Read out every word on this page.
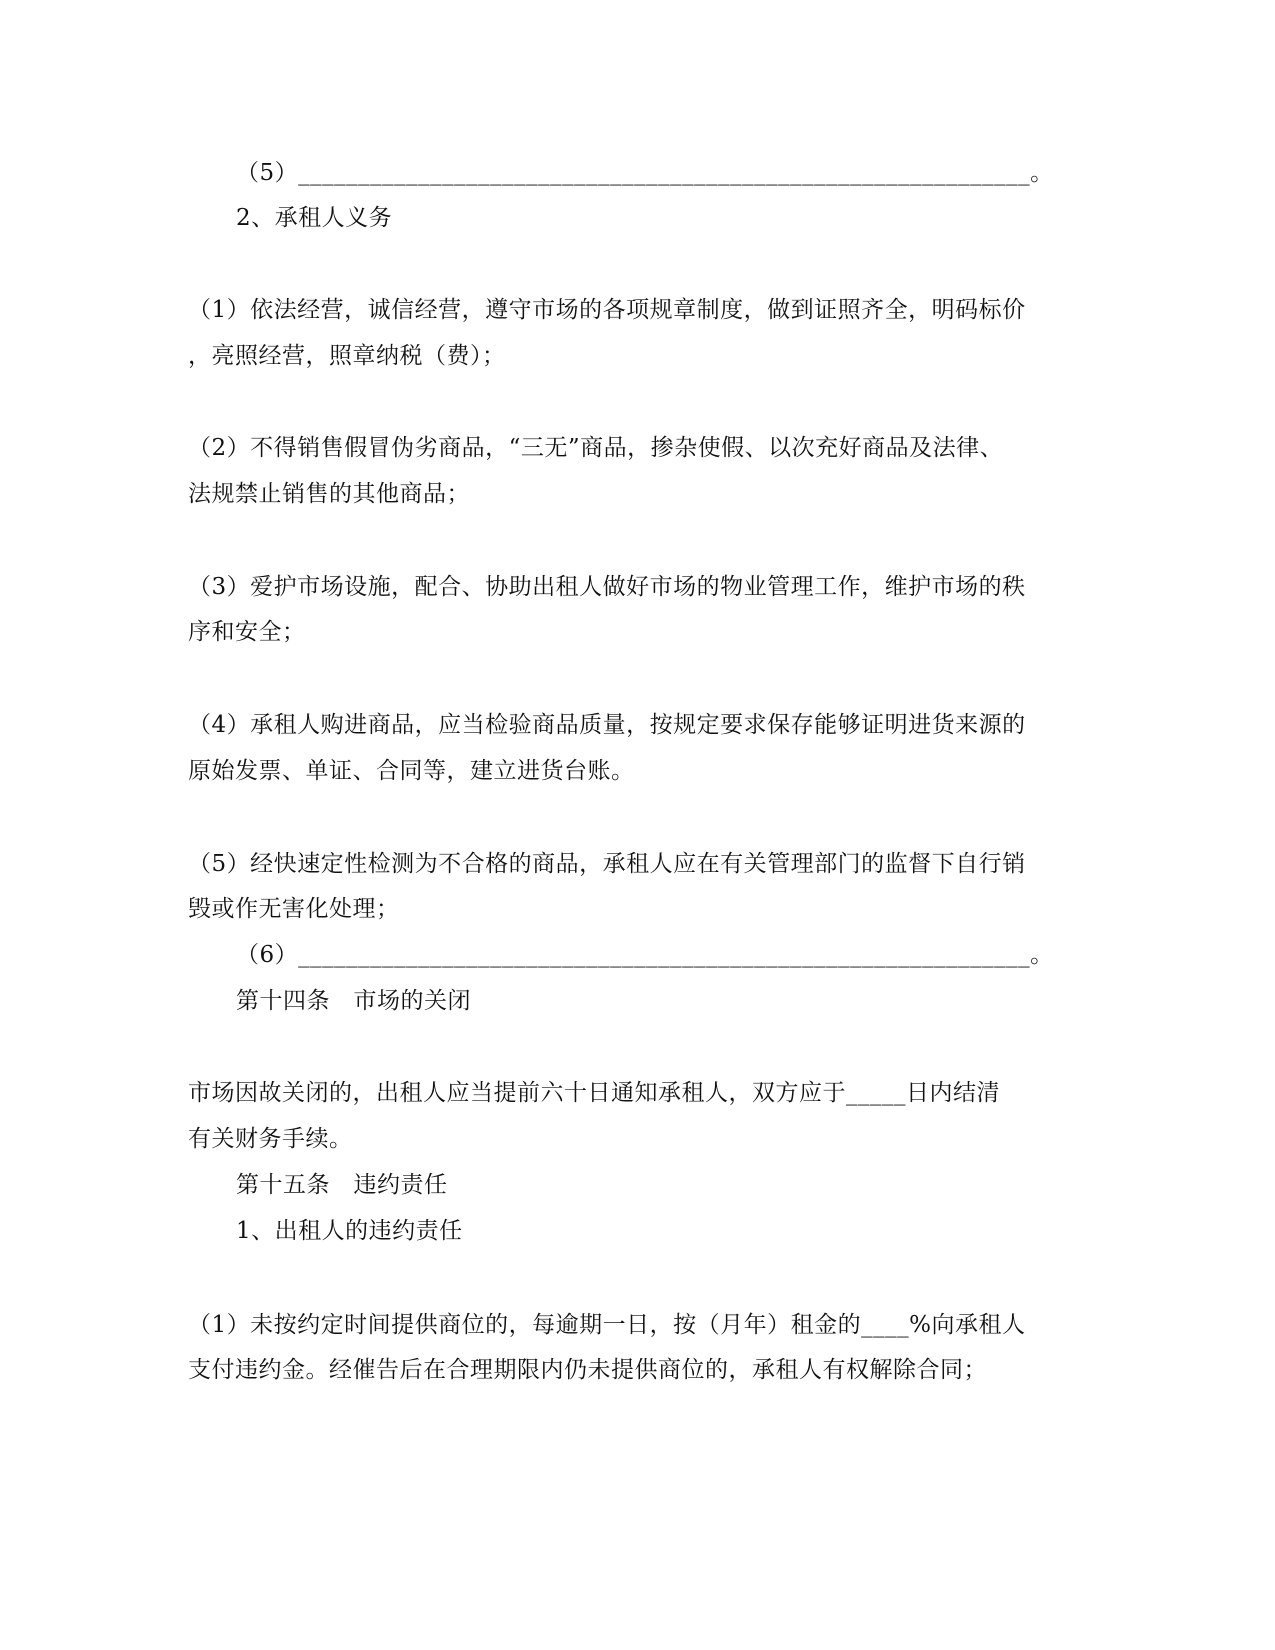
（5）_____________________________________________________________。
2、承租人义务
（1）依法经营，诚信经营，遵守市场的各项规章制度，做到证照齐全，明码标价
，亮照经营，照章纳税（费）；
（2）不得销售假冒伪劣商品，“三无”商品，掺杂使假、以次充好商品及法律、
法规禁止销售的其他商品；
（3）爱护市场设施，配合、协助出租人做好市场的物业管理工作，维护市场的秩
序和安全；
（4）承租人购进商品，应当检验商品质量，按规定要求保存能够证明进货来源的
原始发票、单证、合同等，建立进货台账。
（5）经快速定性检测为不合格的商品，承租人应在有关管理部门的监督下自行销
毁或作无害化处理；
（6）_____________________________________________________________。
第十四条　市场的关闭
市场因故关闭的，出租人应当提前六十日通知承租人，双方应于_____日内结清
有关财务手续。
第十五条　违约责任
1、出租人的违约责任
（1）未按约定时间提供商位的，每逾期一日，按（月年）租金的____%向承租人
支付违约金。经催告后在合理期限内仍未提供商位的，承租人有权解除合同；
